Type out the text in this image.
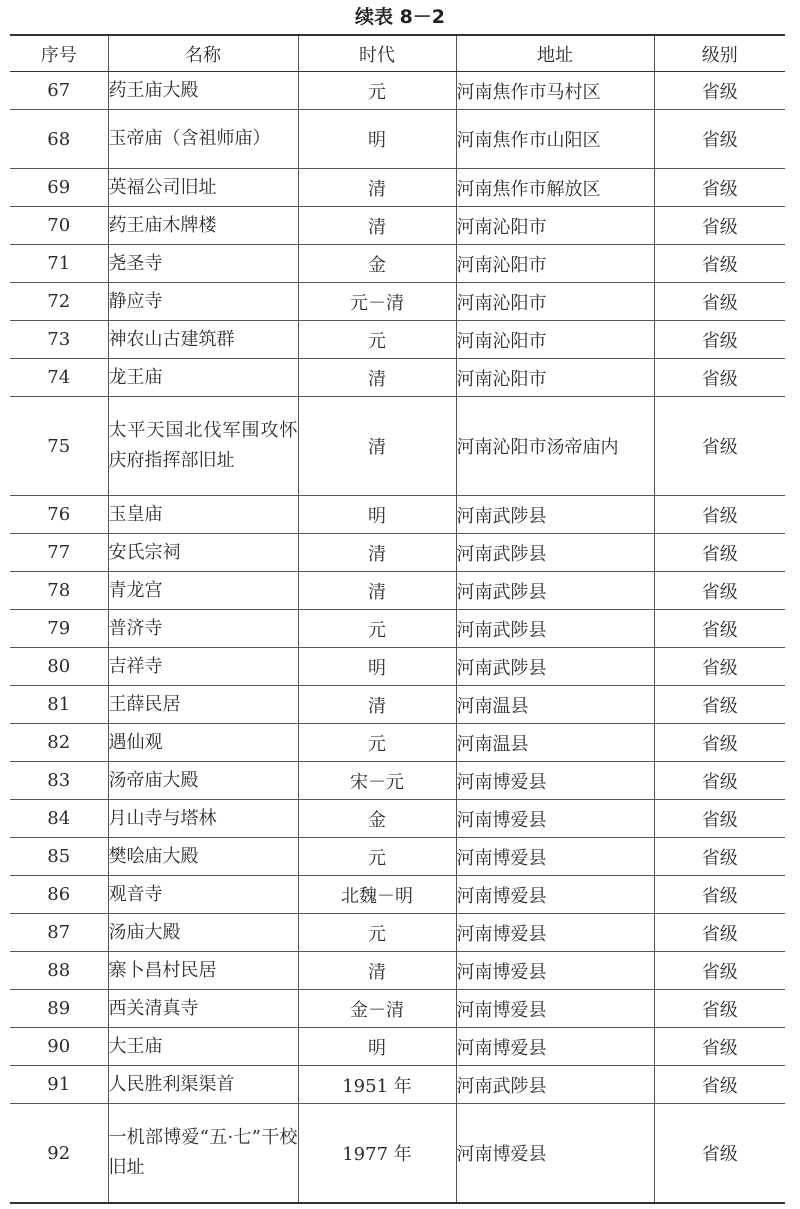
续表 8－2
序号	名称	时代	地址	级别
67	药王庙大殿	元	河南焦作市马村区	省级
68	玉帝庙（含祖师庙）	明	河南焦作市山阳区	省级
69	英福公司旧址	清	河南焦作市解放区	省级
70	药王庙木牌楼	清	河南沁阳市	省级
71	尧圣寺	金	河南沁阳市	省级
72	静应寺	元－清	河南沁阳市	省级
73	神农山古建筑群	元	河南沁阳市	省级
74	龙王庙	清	河南沁阳市	省级
75	太平天国北伐军围攻怀庆府指挥部旧址	清	河南沁阳市汤帝庙内	省级
76	玉皇庙	明	河南武陟县	省级
77	安氏宗祠	清	河南武陟县	省级
78	青龙宫	清	河南武陟县	省级
79	普济寺	元	河南武陟县	省级
80	吉祥寺	明	河南武陟县	省级
81	王薛民居	清	河南温县	省级
82	遇仙观	元	河南温县	省级
83	汤帝庙大殿	宋－元	河南博爱县	省级
84	月山寺与塔林	金	河南博爱县	省级
85	樊哙庙大殿	元	河南博爱县	省级
86	观音寺	北魏－明	河南博爱县	省级
87	汤庙大殿	元	河南博爱县	省级
88	寨卜昌村民居	清	河南博爱县	省级
89	西关清真寺	金－清	河南博爱县	省级
90	大王庙	明	河南博爱县	省级
91	人民胜利渠渠首	1951 年	河南武陟县	省级
92	一机部博爱“五·七”干校旧址	1977 年	河南博爱县	省级
